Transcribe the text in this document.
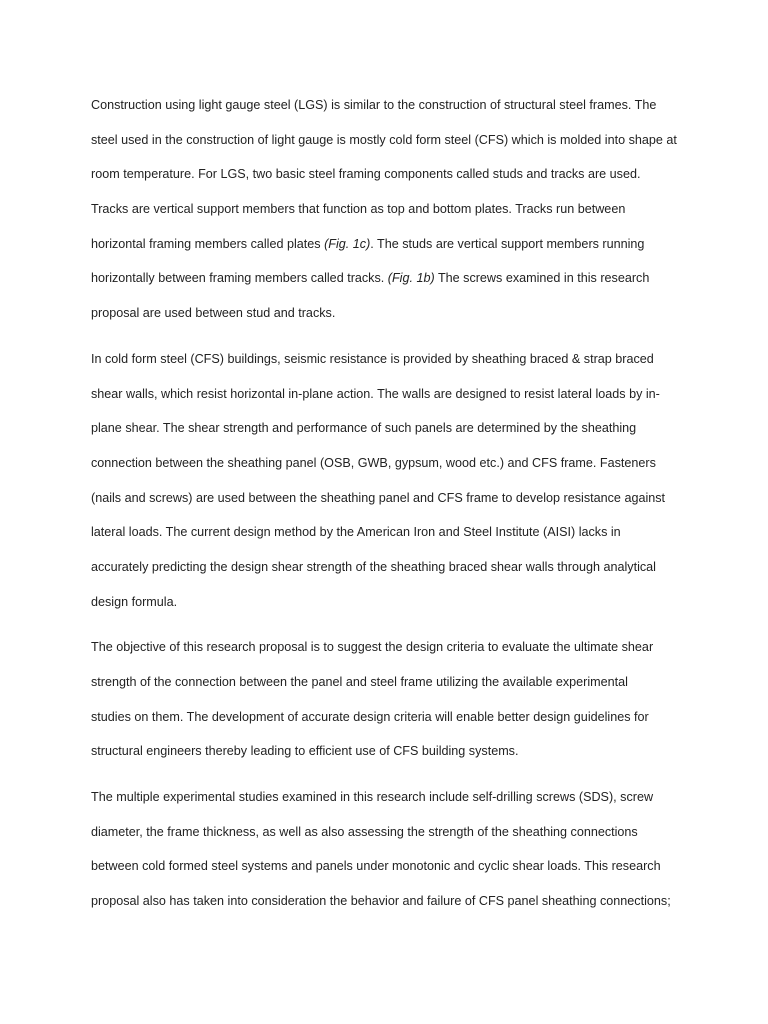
Construction using light gauge steel (LGS) is similar to the construction of structural steel frames. The
steel used in the construction of light gauge is mostly cold form steel (CFS) which is molded into shape at
room temperature. For LGS, two basic steel framing components called studs and tracks are used.
Tracks are vertical support members that function as top and bottom plates. Tracks run between
horizontal framing members called plates (Fig. 1c). The studs are vertical support members running
horizontally between framing members called tracks. (Fig. 1b) The screws examined in this research
proposal are used between stud and tracks.
In cold form steel (CFS) buildings, seismic resistance is provided by sheathing braced & strap braced
shear walls, which resist horizontal in-plane action. The walls are designed to resist lateral loads by in-
plane shear. The shear strength and performance of such panels are determined by the sheathing
connection between the sheathing panel (OSB, GWB, gypsum, wood etc.) and CFS frame. Fasteners
(nails and screws) are used between the sheathing panel and CFS frame to develop resistance against
lateral loads. The current design method by the American Iron and Steel Institute (AISI) lacks in
accurately predicting the design shear strength of the sheathing braced shear walls through analytical
design formula.
The objective of this research proposal is to suggest the design criteria to evaluate the ultimate shear
strength of the connection between the panel and steel frame utilizing the available experimental
studies on them. The development of accurate design criteria will enable better design guidelines for
structural engineers thereby leading to efficient use of CFS building systems.
The multiple experimental studies examined in this research include self-drilling screws (SDS), screw
diameter, the frame thickness, as well as also assessing the strength of the sheathing connections
between cold formed steel systems and panels under monotonic and cyclic shear loads. This research
proposal also has taken into consideration the behavior and failure of CFS panel sheathing connections;
